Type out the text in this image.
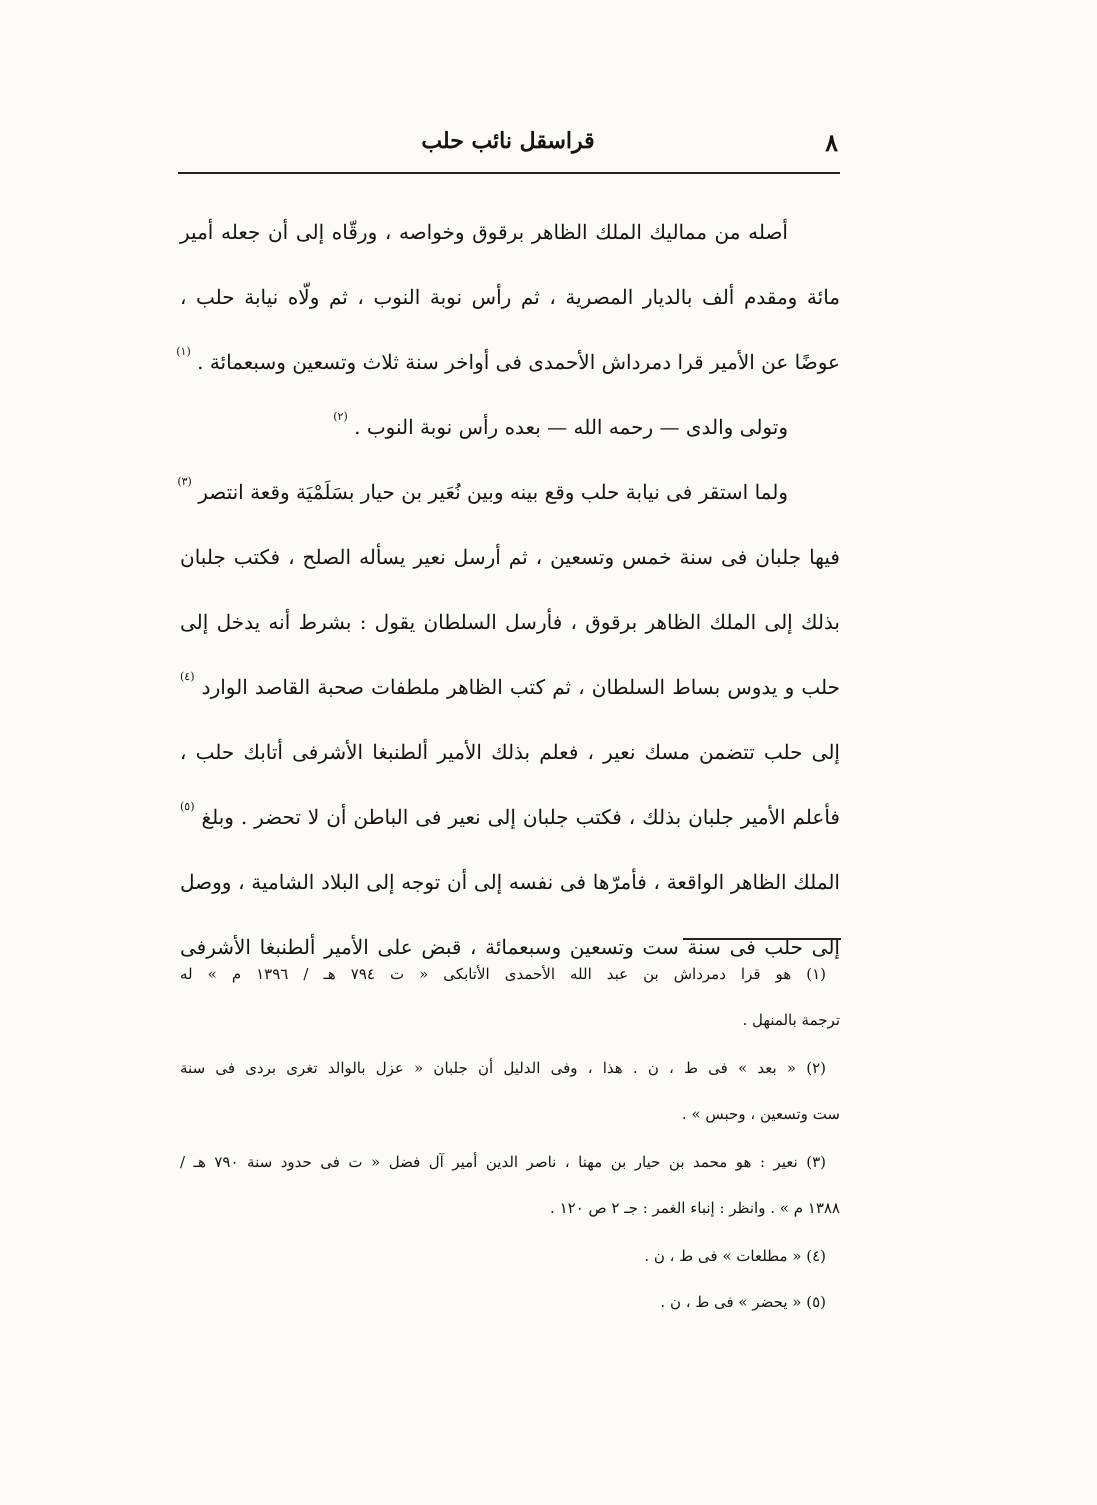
٨
قراسقل نائب حلب
أصله من مماليك الملك الظاهر برقوق وخواصه ، ورقّاه إلى أن جعله أمير
مائة ومقدم ألف بالديار المصرية ، ثم رأس نوبة النوب ، ثم ولّاه نيابة حلب ،
عوضًا عن الأمير قرا دمرداش الأحمدى فى أواخر سنة ثلاث وتسعين وسبعمائة . $^{(١)}$
وتولى والدى — رحمه الله — بعده رأس نوبة النوب . $^{(٢)}$
ولما استقر فى نيابة حلب وقع بينه وبين نُعَير بن حيار بسَلَمْيَة وقعة انتصر $^{(٣)}$
فيها جلبان فى سنة خمس وتسعين ، ثم أرسل نعير يسأله الصلح ، فكتب جلبان
بذلك إلى الملك الظاهر برقوق ، فأرسل السلطان يقول : بشرط أنه يدخل إلى
حلب و يدوس بساط السلطان ، ثم كتب الظاهر ملطفات صحبة القاصد الوارد $^{(٤)}$
إلى حلب تتضمن مسك نعير ، فعلم بذلك الأمير ألطنبغا الأشرفى أتابك حلب ،
فأعلم الأمير جلبان بذلك ، فكتب جلبان إلى نعير فى الباطن أن لا تحضر . وبلغ $^{(٥)}$
الملك الظاهر الواقعة ، فأمرّها فى نفسه إلى أن توجه إلى البلاد الشامية ، ووصل
إلى حلب فى سنة ست وتسعين وسبعمائة ، قبض على الأمير ألطنبغا الأشرفى
(١) هو قرا دمرداش بن عبد الله الأحمدى الأتابكى « ت ٧٩٤ هـ / ١٣٩٦ م » له
ترجمة بالمنهل .
(٢) « بعد » فى ط ، ن . هذا ، وفى الدليل أن جلبان « عزل بالوالد تغرى بردى فى سنة
ست وتسعين ، وحبس » .
(٣) نعير : هو محمد بن حيار بن مهنا ، ناصر الدين أمير آل فضل « ت فى حدود سنة ٧٩٠ هـ /
١٣٨٨ م » . وانظر : إنباء الغمر : جـ ٢ ص ١٢٠ .
(٤) « مطلعات » فى ط ، ن .
(٥) « يحضر » فى ط ، ن .
